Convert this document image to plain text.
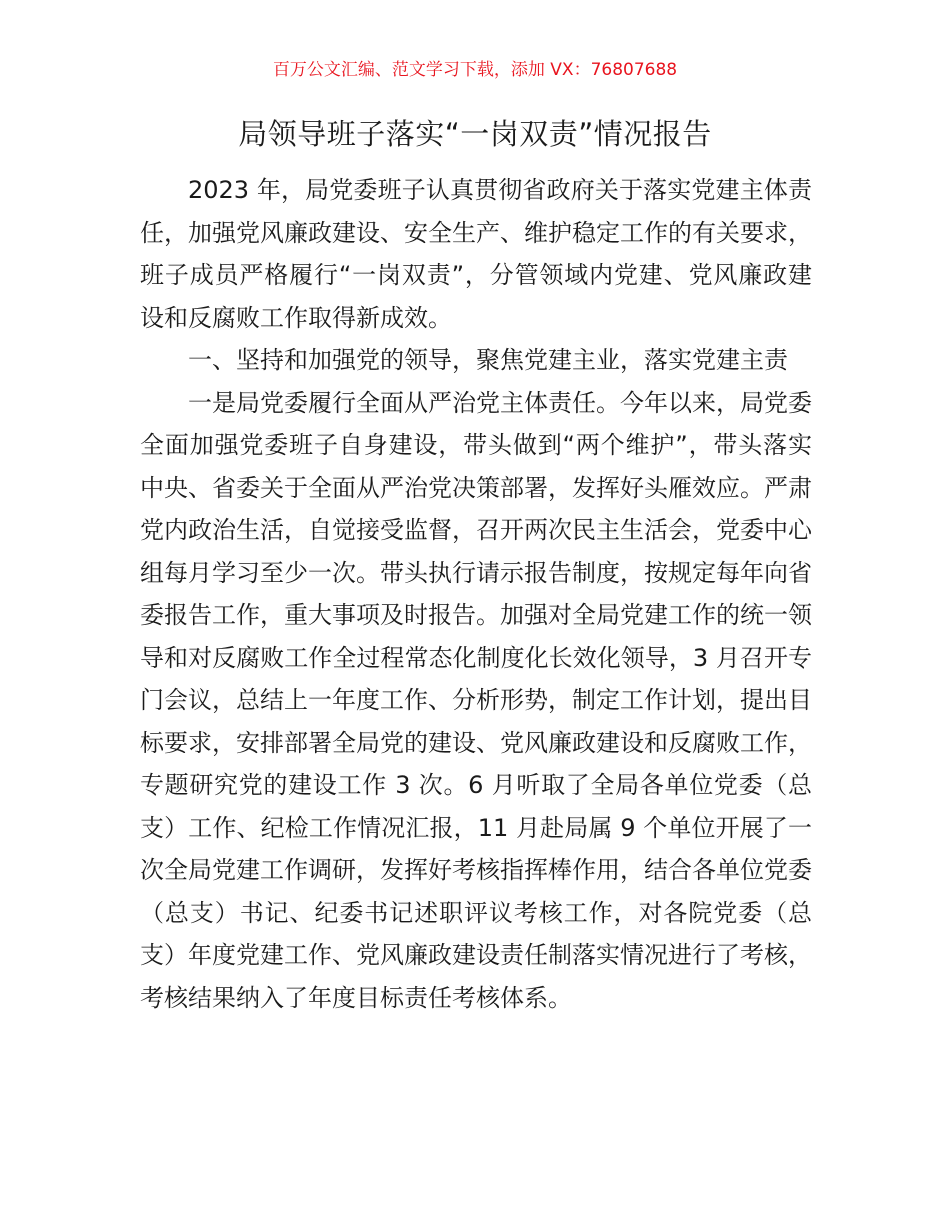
百万公文汇编、范文学习下载，添加 VX：76807688
局领导班子落实“一岗双责”情况报告

2023 年，局党委班子认真贯彻省政府关于落实党建主体责任，加强党风廉政建设、安全生产、维护稳定工作的有关要求，班子成员严格履行“一岗双责”，分管领域内党建、党风廉政建设和反腐败工作取得新成效。

一、坚持和加强党的领导，聚焦党建主业，落实党建主责

一是局党委履行全面从严治党主体责任。今年以来，局党委全面加强党委班子自身建设，带头做到“两个维护”，带头落实中央、省委关于全面从严治党决策部署，发挥好头雁效应。严肃党内政治生活，自觉接受监督，召开两次民主生活会，党委中心组每月学习至少一次。带头执行请示报告制度，按规定每年向省委报告工作，重大事项及时报告。加强对全局党建工作的统一领导和对反腐败工作全过程常态化制度化长效化领导，3 月召开专门会议，总结上一年度工作、分析形势，制定工作计划，提出目标要求，安排部署全局党的建设、党风廉政建设和反腐败工作，专题研究党的建设工作 3 次。6 月听取了全局各单位党委（总支）工作、纪检工作情况汇报，11 月赴局属 9 个单位开展了一次全局党建工作调研，发挥好考核指挥棒作用，结合各单位党委（总支）书记、纪委书记述职评议考核工作，对各院党委（总支）年度党建工作、党风廉政建设责任制落实情况进行了考核，考核结果纳入了年度目标责任考核体系。
